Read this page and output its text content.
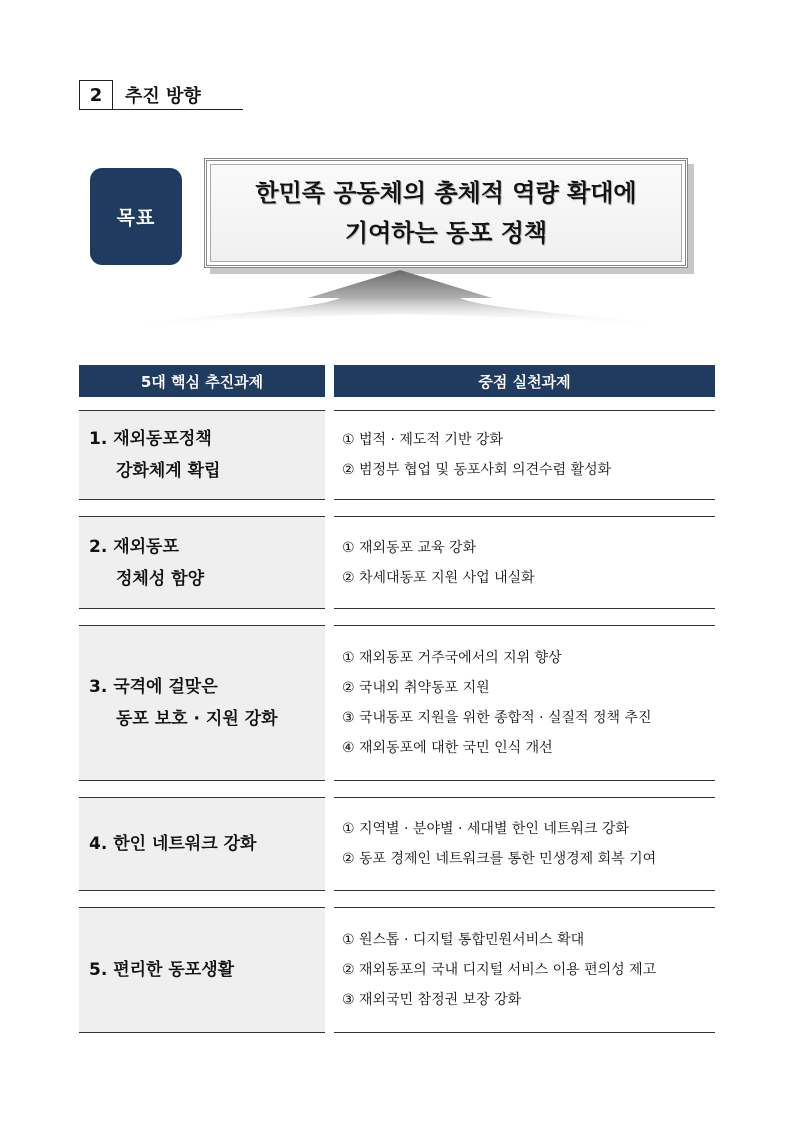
2	추진 방향
목표
한민족 공동체의 총체적 역량 확대에
기여하는 동포 정책
5대 핵심 추진과제	중점 실천과제
1. 재외동포정책
강화체계 확립
① 법적 · 제도적 기반 강화
② 범정부 협업 및 동포사회 의견수렴 활성화
2. 재외동포
정체성 함양
① 재외동포 교육 강화
② 차세대동포 지원 사업 내실화
3. 국격에 걸맞은
동포 보호 · 지원 강화
① 재외동포 거주국에서의 지위 향상
② 국내외 취약동포 지원
③ 국내동포 지원을 위한 종합적 · 실질적 정책 추진
④ 재외동포에 대한 국민 인식 개선
4. 한인 네트워크 강화
① 지역별 · 분야별 · 세대별 한인 네트워크 강화
② 동포 경제인 네트워크를 통한 민생경제 회복 기여
5. 편리한 동포생활
① 원스톱 · 디지털 통합민원서비스 확대
② 재외동포의 국내 디지털 서비스 이용 편의성 제고
③ 재외국민 참정권 보장 강화
